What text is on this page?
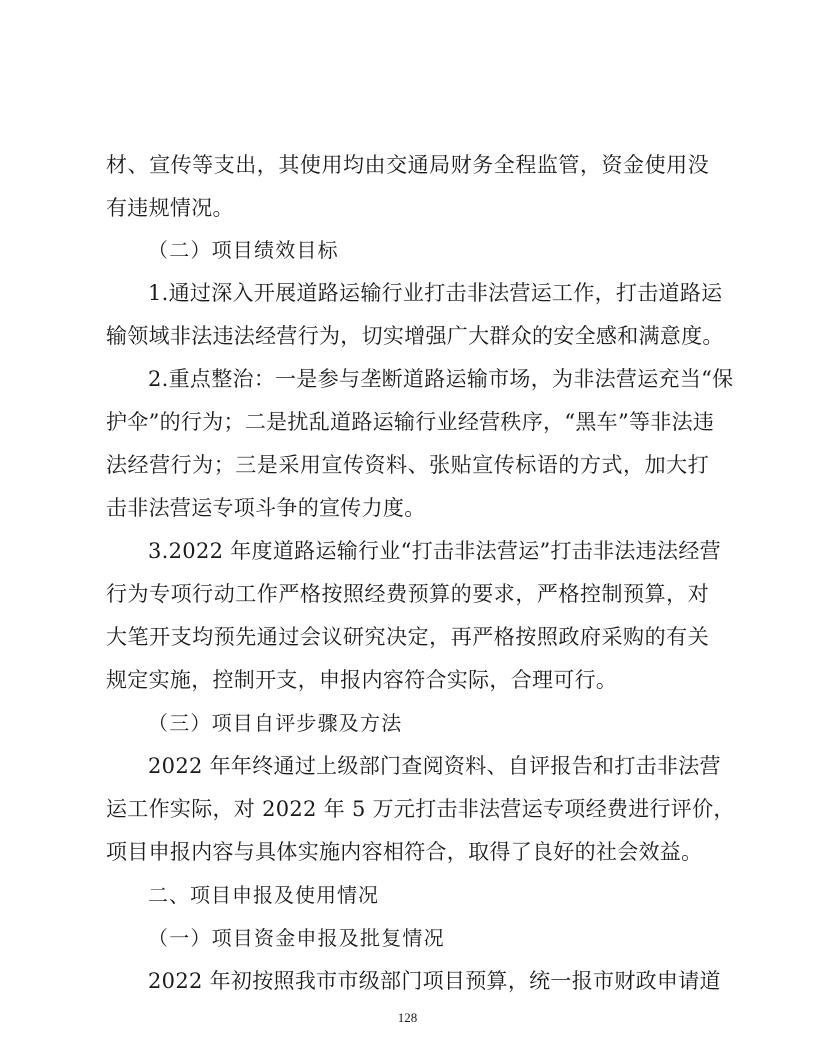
材、宣传等支出，其使用均由交通局财务全程监管，资金使用没
有违规情况。
（二）项目绩效目标
1.通过深入开展道路运输行业打击非法营运工作，打击道路运
输领域非法违法经营行为，切实增强广大群众的安全感和满意度。
2.重点整治：一是参与垄断道路运输市场，为非法营运充当“保
护伞”的行为；二是扰乱道路运输行业经营秩序，“黑车”等非法违
法经营行为；三是采用宣传资料、张贴宣传标语的方式，加大打
击非法营运专项斗争的宣传力度。
3.2022 年度道路运输行业“打击非法营运”打击非法违法经营
行为专项行动工作严格按照经费预算的要求，严格控制预算，对
大笔开支均预先通过会议研究决定，再严格按照政府采购的有关
规定实施，控制开支，申报内容符合实际，合理可行。
（三）项目自评步骤及方法
2022 年年终通过上级部门查阅资料、自评报告和打击非法营
运工作实际，对 2022 年 5 万元打击非法营运专项经费进行评价，
项目申报内容与具体实施内容相符合，取得了良好的社会效益。
二、项目申报及使用情况
（一）项目资金申报及批复情况
2022 年初按照我市市级部门项目预算，统一报市财政申请道
128
